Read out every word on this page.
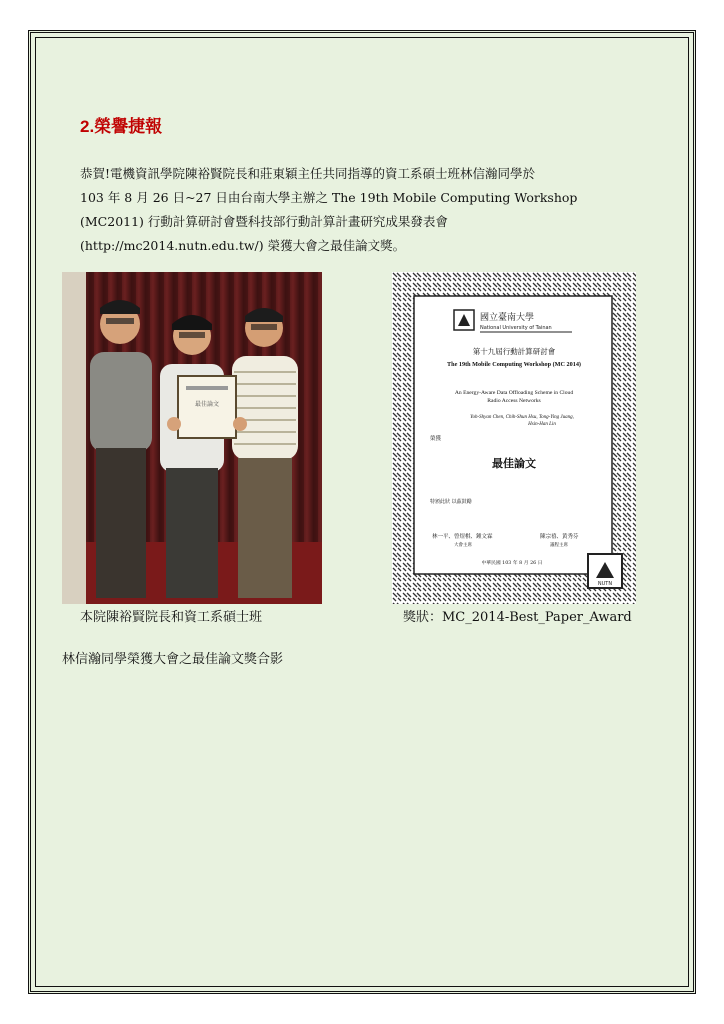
2.榮譽捷報

恭賀!電機資訊學院陳裕賢院長和莊東穎主任共同指導的資工系碩士班林信瀚同學於

103 年 8 月 26 日~27 日由台南大學主辦之 The 19th Mobile Computing Workshop

(MC2011) 行動計算研討會暨科技部行動計算計畫研究成果發表會

(http://mc2014.nutn.edu.tw/) 榮獲大會之最佳論文獎。

最佳論文
國立臺南大學
National University of Tainan
第十九屆行動計算研討會
The 19th Mobile Computing Workshop (MC 2014)
An Energy-Aware Data Offloading Scheme in Cloud
Radio Access Networks
Yoh-Shyan Chen, Chih-Shun Hsu, Tong-Ying Juang,
Hsin-Han Lin
榮獲
最佳論文
特頒此狀 以茲鼓勵
林一平、曾煜棋、鍾文霖
大會主席
陳宗禧、黃秀芬
議程主席
中華民國 103 年 8 月 26 日
NUTN
本院陳裕賢院長和資工系碩士班	獎狀：MC_2014-Best_Paper_Award
林信瀚同學榮獲大會之最佳論文獎合影
